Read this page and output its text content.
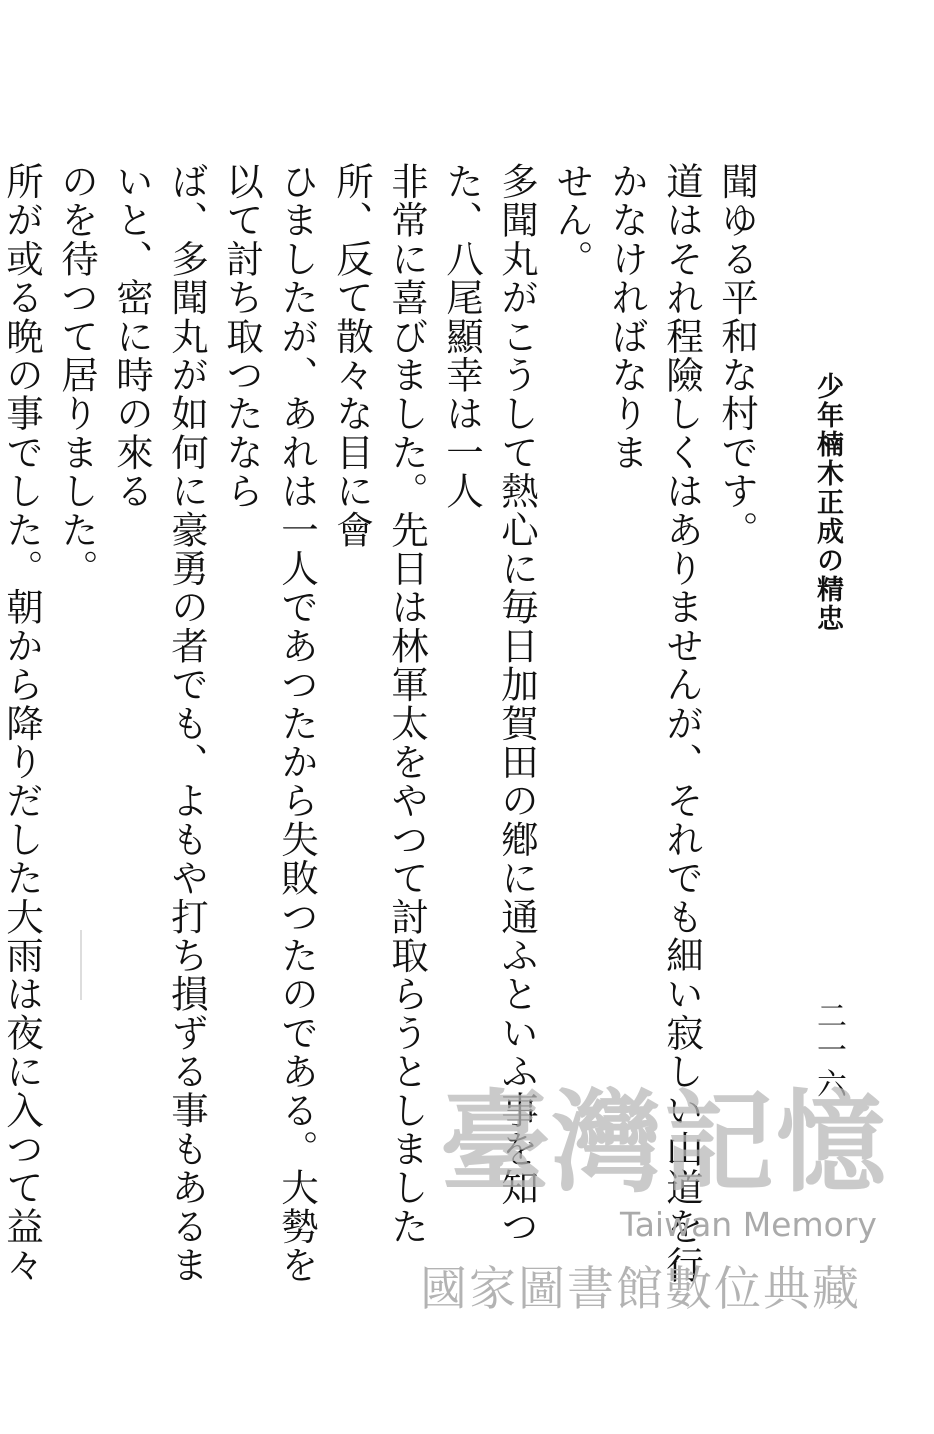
少年楠木正成の精忠
二一六
聞ゆる平和な村です。
道はそれ程險しくはありませんが、それでも細い寂しい山道を行かなければなりま
せん。
多聞丸がこうして熱心に毎日加賀田の鄕に通ふといふ事を知つた、八尾顯幸は一人
非常に喜びました。先日は林軍太をやつて討取らうとしました所、反て散々な目に會
ひましたが、あれは一人であつたから失敗つたのである。大勢を以て討ち取つたなら
ば、多聞丸が如何に豪勇の者でも、よもや打ち損ずる事もあるまいと、密に時の來る
のを待つて居りました。
所が或る晩の事でした。朝から降りだした大雨は夜に入つて益々
臺灣記憶
Taiwan Memory
國家圖書館數位典藏
